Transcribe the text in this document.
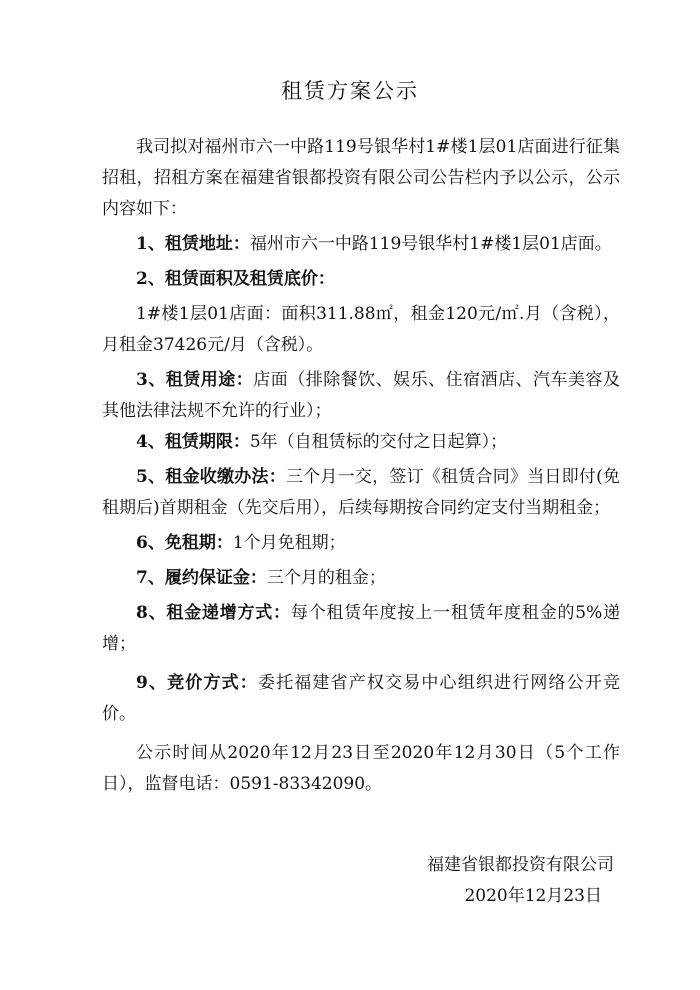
租赁方案公示

我司拟对福州市六一中路119号银华村1#楼1层01店面进行征集招租，招租方案在福建省银都投资有限公司公告栏内予以公示，公示内容如下：

1、租赁地址：福州市六一中路119号银华村1#楼1层01店面。

2、租赁面积及租赁底价：

1#楼1层01店面：面积311.88㎡，租金120元/㎡.月（含税），月租金37426元/月（含税）。

3、租赁用途：店面（排除餐饮、娱乐、住宿酒店、汽车美容及其他法律法规不允许的行业）；

4、租赁期限：5年（自租赁标的交付之日起算）；

5、租金收缴办法：三个月一交，签订《租赁合同》当日即付(免租期后)首期租金（先交后用），后续每期按合同约定支付当期租金；

6、免租期：1个月免租期；

7、履约保证金：三个月的租金；

8、租金递增方式：每个租赁年度按上一租赁年度租金的5%递增；

9、竞价方式：委托福建省产权交易中心组织进行网络公开竞价。

公示时间从2020年12月23日至2020年12月30日（5个工作日），监督电话：0591-83342090。

福建省银都投资有限公司
2020年12月23日
